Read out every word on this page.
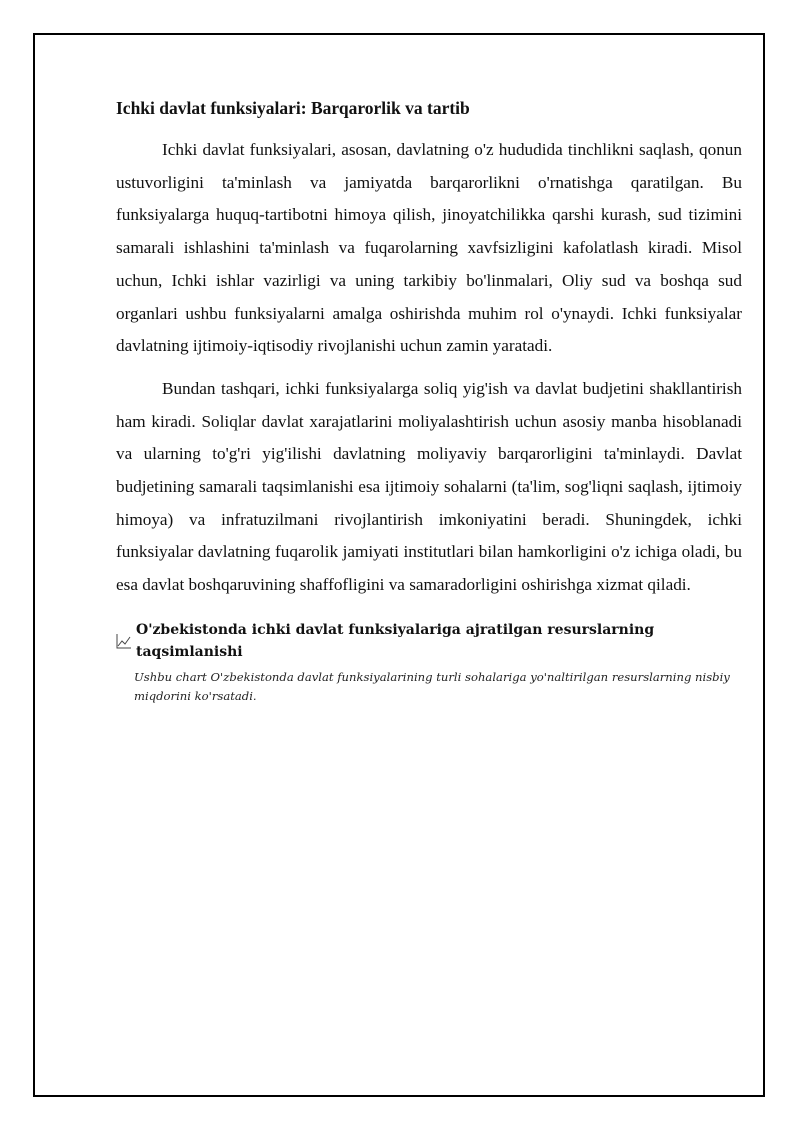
Ichki davlat funksiyalari: Barqarorlik va tartib

Ichki davlat funksiyalari, asosan, davlatning o'z hududida tinchlikni saqlash, qonun ustuvorligini ta'minlash va jamiyatda barqarorlikni o'rnatishga qaratilgan. Bu funksiyalarga huquq-tartibotni himoya qilish, jinoyatchilikka qarshi kurash, sud tizimini samarali ishlashini ta'minlash va fuqarolarning xavfsizligini kafolatlash kiradi. Misol uchun, Ichki ishlar vazirligi va uning tarkibiy bo'linmalari, Oliy sud va boshqa sud organlari ushbu funksiyalarni amalga oshirishda muhim rol o'ynaydi. Ichki funksiyalar davlatning ijtimoiy-iqtisodiy rivojlanishi uchun zamin yaratadi.

Bundan tashqari, ichki funksiyalarga soliq yig'ish va davlat budjetini shakllantirish ham kiradi. Soliqlar davlat xarajatlarini moliyalashtirish uchun asosiy manba hisoblanadi va ularning to'g'ri yig'ilishi davlatning moliyaviy barqarorligini ta'minlaydi. Davlat budjetining samarali taqsimlanishi esa ijtimoiy sohalarni (ta'lim, sog'liqni saqlash, ijtimoiy himoya) va infratuzilmani rivojlantirish imkoniyatini beradi. Shuningdek, ichki funksiyalar davlatning fuqarolik jamiyati institutlari bilan hamkorligini o'z ichiga oladi, bu esa davlat boshqaruvining shaffofligini va samaradorligini oshirishga xizmat qiladi.

O'zbekistonda ichki davlat funksiyalariga ajratilgan resurslarning taqsimlanishi
Ushbu chart O'zbekistonda davlat funksiyalarining turli sohalariga yo'naltirilgan resurslarning nisbiy miqdorini ko'rsatadi.
